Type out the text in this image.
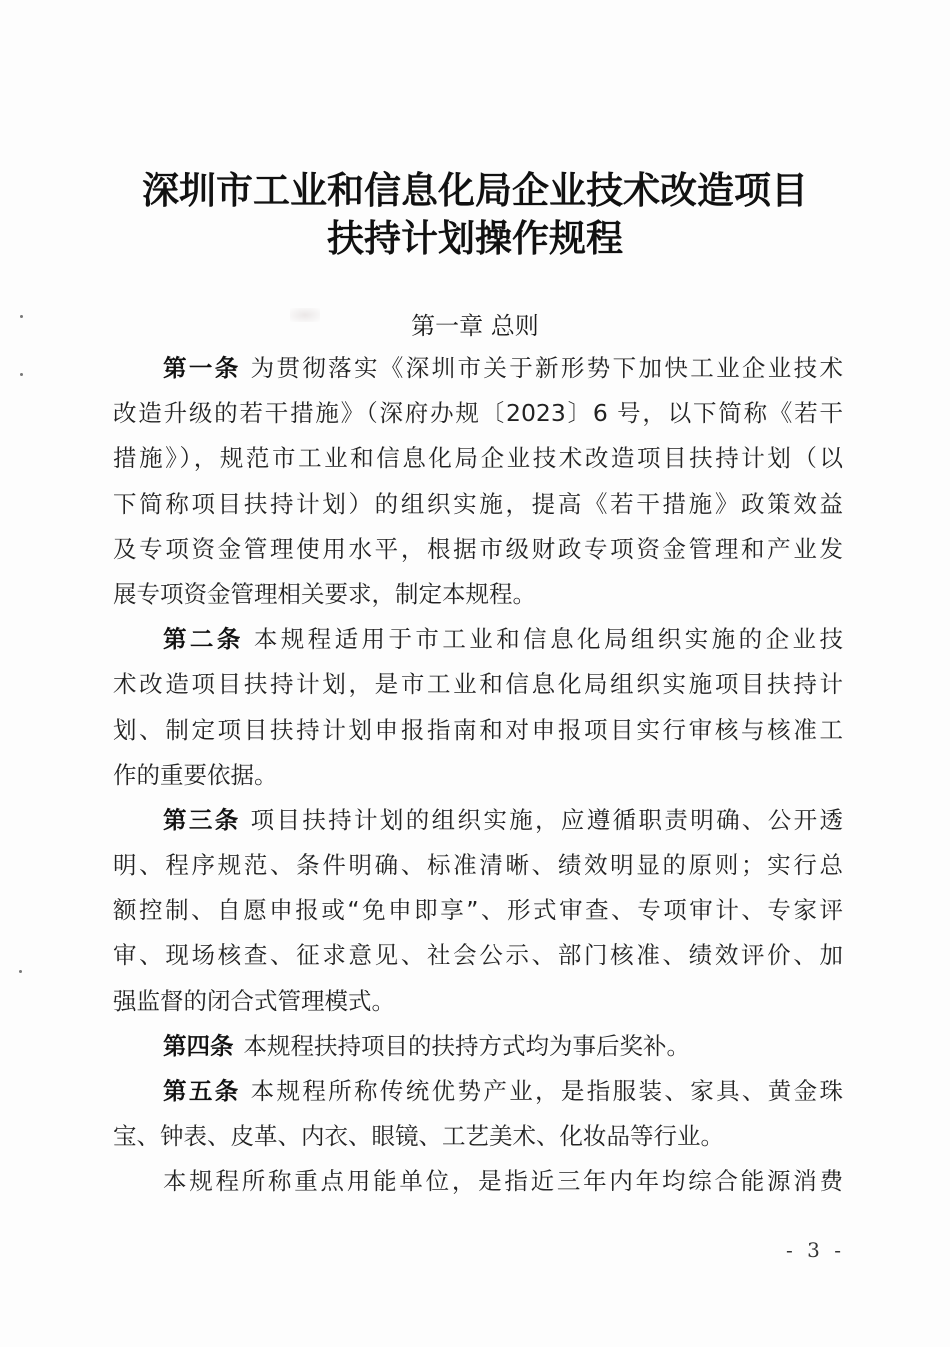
深圳市工业和信息化局企业技术改造项目
扶持计划操作规程
第一章 总则
第一条 为贯彻落实《深圳市关于新形势下加快工业企业技术
改造升级的若干措施》（深府办规〔2023〕6 号，以下简称《若干
措施》），规范市工业和信息化局企业技术改造项目扶持计划（以
下简称项目扶持计划）的组织实施，提高《若干措施》政策效益
及专项资金管理使用水平，根据市级财政专项资金管理和产业发
展专项资金管理相关要求，制定本规程。
第二条 本规程适用于市工业和信息化局组织实施的企业技
术改造项目扶持计划，是市工业和信息化局组织实施项目扶持计
划、制定项目扶持计划申报指南和对申报项目实行审核与核准工
作的重要依据。
第三条 项目扶持计划的组织实施，应遵循职责明确、公开透
明、程序规范、条件明确、标准清晰、绩效明显的原则；实行总
额控制、自愿申报或“免申即享”、形式审查、专项审计、专家评
审、现场核查、征求意见、社会公示、部门核准、绩效评价、加
强监督的闭合式管理模式。
第四条 本规程扶持项目的扶持方式均为事后奖补。
第五条 本规程所称传统优势产业，是指服装、家具、黄金珠
宝、钟表、皮革、内衣、眼镜、工艺美术、化妆品等行业。
本规程所称重点用能单位，是指近三年内年均综合能源消费
- 3 -
